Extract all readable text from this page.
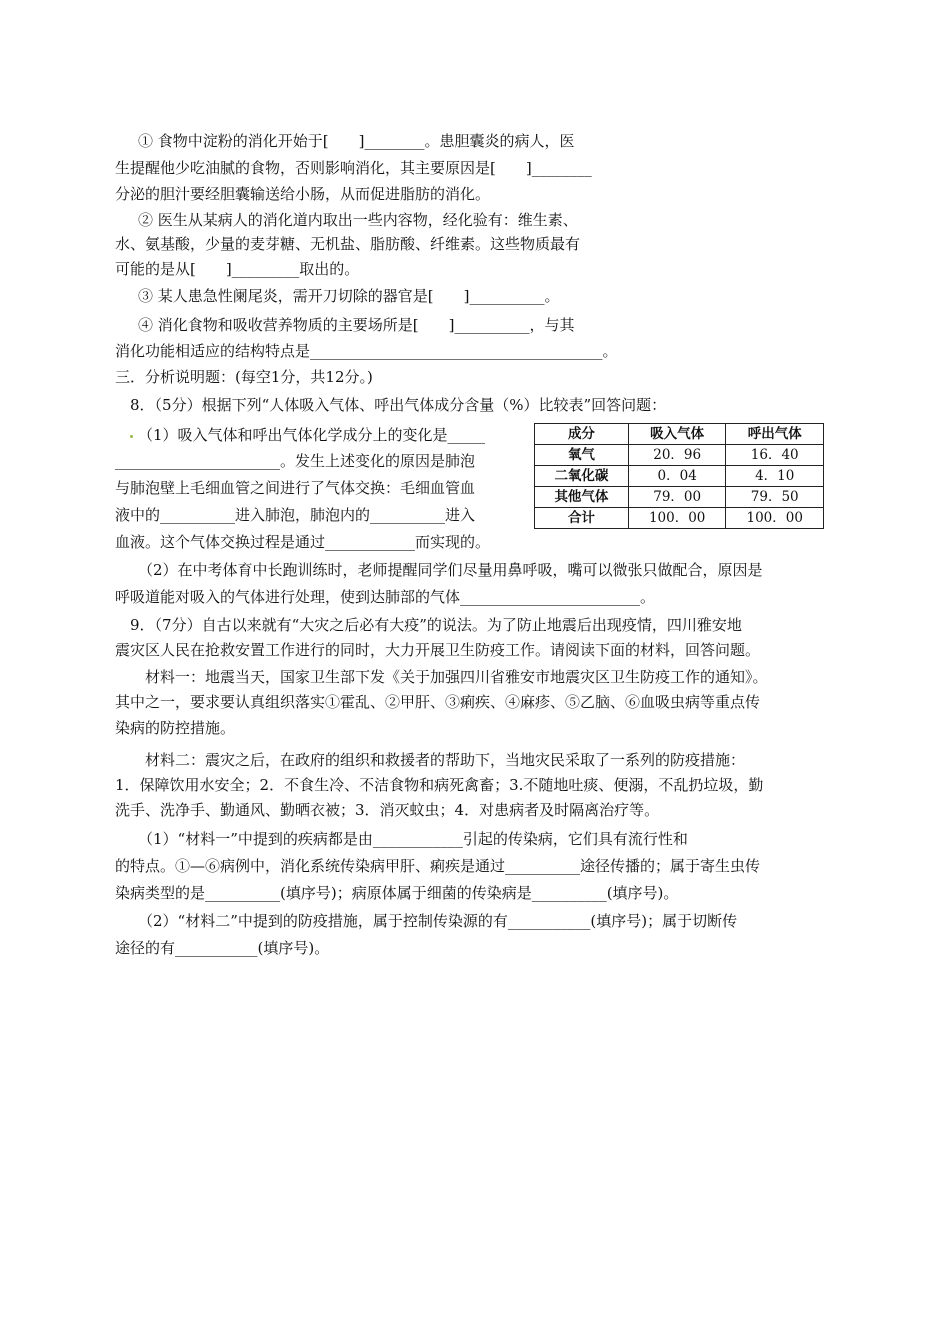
① 食物中淀粉的消化开始于[　　]________。患胆囊炎的病人，医
生提醒他少吃油腻的食物，否则影响消化，其主要原因是[　　]________
分泌的胆汁要经胆囊输送给小肠，从而促进脂肪的消化。
② 医生从某病人的消化道内取出一些内容物，经化验有：维生素、
水、氨基酸，少量的麦芽糖、无机盐、脂肪酸、纤维素。这些物质最有
可能的是从[　　]_________取出的。
③ 某人患急性阑尾炎，需开刀切除的器官是[　　]__________。
④ 消化食物和吸收营养物质的主要场所是[　　]__________，与其
消化功能相适应的结构特点是_______________________________________。
三．分析说明题：(每空1分，共12分。)
8．（5分）根据下列“人体吸入气体、呼出气体成分含量（%）比较表”回答问题：
（1）吸入气体和呼出气体化学成分上的变化是_____
______________________。发生上述变化的原因是肺泡
与肺泡壁上毛细血管之间进行了气体交换：毛细血管血
液中的__________进入肺泡，肺泡内的__________进入
血液。这个气体交换过程是通过____________而实现的。
成分	吸入气体	呼出气体
氧气	20．96	16．40
二氧化碳	0．04	4．10
其他气体	79．00	79．50
合计	100．00	100．00
（2）在中考体育中长跑训练时，老师提醒同学们尽量用鼻呼吸，嘴可以微张只做配合，原因是
呼吸道能对吸入的气体进行处理，使到达肺部的气体________________________。
9．（7分）自古以来就有“大灾之后必有大疫”的说法。为了防止地震后出现疫情，四川雅安地
震灾区人民在抢救安置工作进行的同时，大力开展卫生防疫工作。请阅读下面的材料，回答问题。
材料一：地震当天，国家卫生部下发《关于加强四川省雅安市地震灾区卫生防疫工作的通知》。
其中之一，要求要认真组织落实①霍乱、②甲肝、③痢疾、④麻疹、⑤乙脑、⑥血吸虫病等重点传
染病的防控措施。
材料二：震灾之后，在政府的组织和救援者的帮助下，当地灾民采取了一系列的防疫措施：
1．保障饮用水安全；2．不食生冷、不洁食物和病死禽畜；3.不随地吐痰、便溺，不乱扔垃圾，勤
洗手、洗净手、勤通风、勤晒衣被；3．消灭蚊虫；4．对患病者及时隔离治疗等。
（1）“材料一”中提到的疾病都是由____________引起的传染病，它们具有流行性和
的特点。①—⑥病例中，消化系统传染病甲肝、痢疾是通过__________途径传播的；属于寄生虫传
染病类型的是__________(填序号)；病原体属于细菌的传染病是__________(填序号)。
（2）“材料二”中提到的防疫措施，属于控制传染源的有___________(填序号)；属于切断传
途径的有___________(填序号)。
